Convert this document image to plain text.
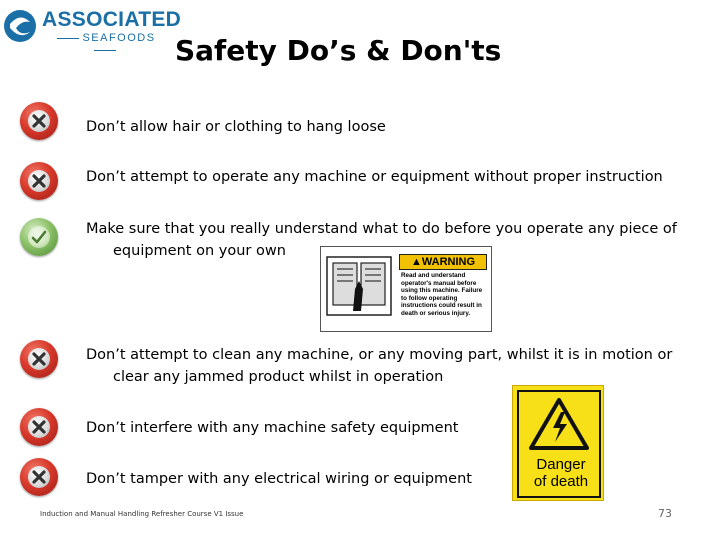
ASSOCIATED
SEAFOODS Safety Do’s & Don'ts
Don’t allow hair or clothing to hang loose
Don’t attempt to operate any machine or equipment without proper instruction
Make sure that you really understand what to do before you operate any piece of
equipment on your own
▲WARNING
Read and understand operator's manual before using this machine. Failure to follow operating instructions could result in death or serious injury.
Don’t attempt to clean any machine, or any moving part, whilst it is in motion or
clear any jammed product whilst in operation
Don’t interfere with any machine safety equipment
Don’t tamper with any electrical wiring or equipment
Danger
of death
Induction and Manual Handling Refresher Course V1 Issue	73
